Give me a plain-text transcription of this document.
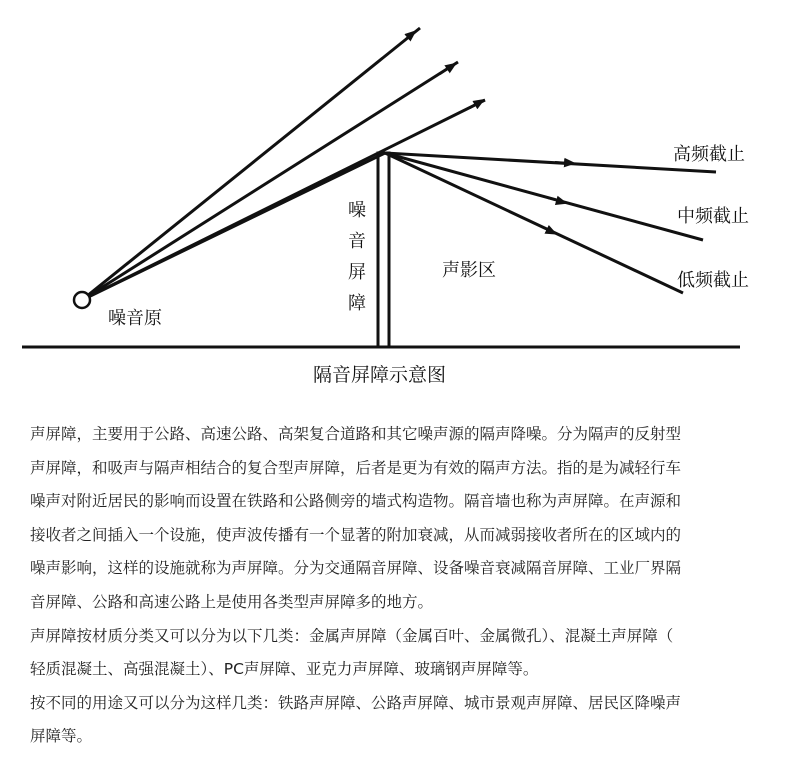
噪音原
噪音屏障
声影区
高频截止
中频截止
低频截止
隔音屏障示意图
声屏障，主要用于公路、高速公路、高架复合道路和其它噪声源的隔声降噪。分为隔声的反射型
声屏障，和吸声与隔声相结合的复合型声屏障，后者是更为有效的隔声方法。指的是为减轻行车
噪声对附近居民的影响而设置在铁路和公路侧旁的墙式构造物。隔音墙也称为声屏障。在声源和
接收者之间插入一个设施，使声波传播有一个显著的附加衰减，从而减弱接收者所在的区域内的
噪声影响，这样的设施就称为声屏障。分为交通隔音屏障、设备噪音衰减隔音屏障、工业厂界隔
音屏障、公路和高速公路上是使用各类型声屏障多的地方。
声屏障按材质分类又可以分为以下几类：金属声屏障（金属百叶、金属微孔）、混凝土声屏障（
轻质混凝土、高强混凝土）、PC声屏障、亚克力声屏障、玻璃钢声屏障等。
按不同的用途又可以分为这样几类：铁路声屏障、公路声屏障、城市景观声屏障、居民区降噪声
屏障等。
